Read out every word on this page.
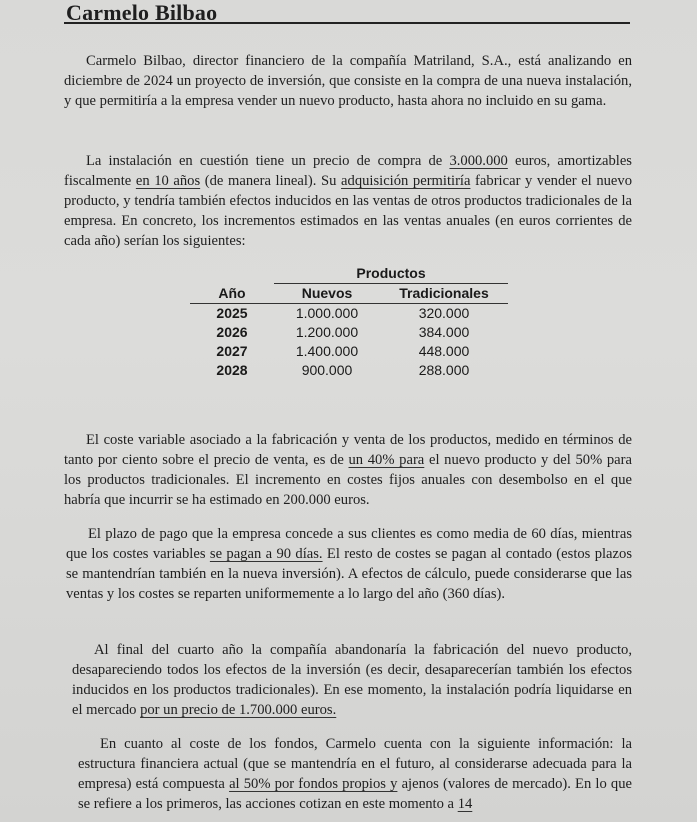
Carmelo Bilbao

Carmelo Bilbao, director financiero de la compañía Matriland, S.A., está analizando en diciembre de 2024 un proyecto de inversión, que consiste en la compra de una nueva instalación, y que permitiría a la empresa vender un nuevo producto, hasta ahora no incluido en su gama.

La instalación en cuestión tiene un precio de compra de 3.000.000 euros, amortizables fiscalmente en 10 años (de manera lineal). Su adquisición permitiría fabricar y vender el nuevo producto, y tendría también efectos inducidos en las ventas de otros productos tradicionales de la empresa. En concreto, los incrementos estimados en las ventas anuales (en euros corrientes de cada año) serían los siguientes:

	Productos	
Año	Nuevos	Tradicionales
2025	1.000.000	320.000
2026	1.200.000	384.000
2027	1.400.000	448.000
2028	900.000	288.000

El coste variable asociado a la fabricación y venta de los productos, medido en términos de tanto por ciento sobre el precio de venta, es de un 40% para el nuevo producto y del 50% para los productos tradicionales. El incremento en costes fijos anuales con desembolso en el que habría que incurrir se ha estimado en 200.000 euros.

El plazo de pago que la empresa concede a sus clientes es como media de 60 días, mientras que los costes variables se pagan a 90 días. El resto de costes se pagan al contado (estos plazos se mantendrían también en la nueva inversión). A efectos de cálculo, puede considerarse que las ventas y los costes se reparten uniformemente a lo largo del año (360 días).

Al final del cuarto año la compañía abandonaría la fabricación del nuevo producto, desapareciendo todos los efectos de la inversión (es decir, desaparecerían también los efectos inducidos en los productos tradicionales). En ese momento, la instalación podría liquidarse en el mercado por un precio de 1.700.000 euros.

En cuanto al coste de los fondos, Carmelo cuenta con la siguiente información: la estructura financiera actual (que se mantendría en el futuro, al considerarse adecuada para la empresa) está compuesta al 50% por fondos propios y ajenos (valores de mercado). En lo que se refiere a los primeros, las acciones cotizan en este momento a 14
